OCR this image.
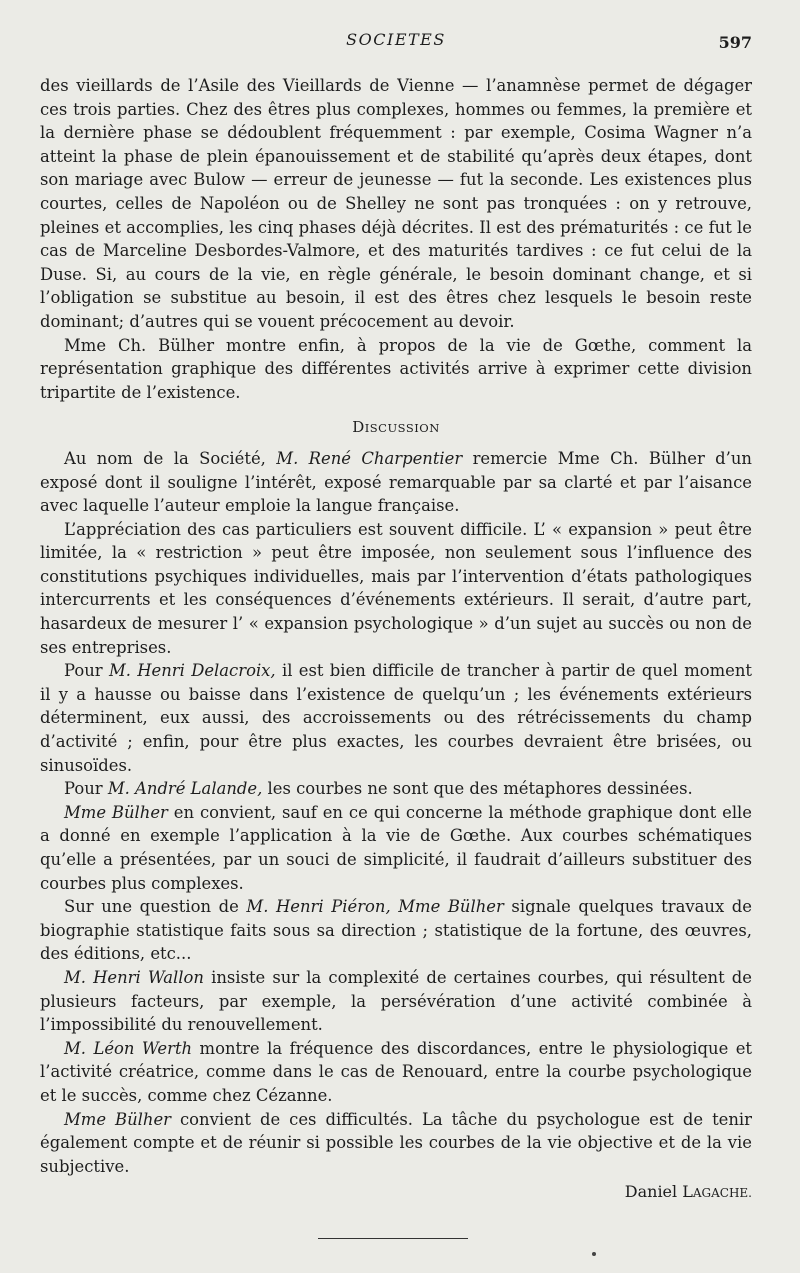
SOCIETES	597

des vieillards de l’Asile des Vieillards de Vienne — l’anamnèse permet de dégager ces trois parties. Chez des êtres plus complexes, hommes ou femmes, la première et la dernière phase se dédoublent fréquemment : par exemple, Cosima Wagner n’a atteint la phase de plein épanouissement et de stabilité qu’après deux étapes, dont son mariage avec Bulow — erreur de jeunesse — fut la seconde. Les existences plus courtes, celles de Napoléon ou de Shelley ne sont pas tronquées : on y retrouve, pleines et accomplies, les cinq phases déjà décrites. Il est des prématurités : ce fut le cas de Marceline Desbordes-Valmore, et des maturités tardives : ce fut celui de la Duse. Si, au cours de la vie, en règle générale, le besoin dominant change, et si l’obligation se substitue au besoin, il est des êtres chez lesquels le besoin reste dominant; d’autres qui se vouent précocement au devoir.

Mme Ch. Bülher montre enfin, à propos de la vie de Gœthe, comment la représentation graphique des différentes activités arrive à exprimer cette division tripartite de l’existence.

DISCUSSION

Au nom de la Société, M. René Charpentier remercie Mme Ch. Bülher d’un exposé dont il souligne l’intérêt, exposé remarquable par sa clarté et par l’aisance avec laquelle l’auteur emploie la langue française.

L’appréciation des cas particuliers est souvent difficile. L’ « expansion » peut être limitée, la « restriction » peut être imposée, non seulement sous l’influence des constitutions psychiques individuelles, mais par l’intervention d’états pathologiques intercurrents et les conséquences d’événements extérieurs. Il serait, d’autre part, hasardeux de mesurer l’ « expansion psychologique » d’un sujet au succès ou non de ses entreprises.

Pour M. Henri Delacroix, il est bien difficile de trancher à partir de quel moment il y a hausse ou baisse dans l’existence de quelqu’un ; les événements extérieurs déterminent, eux aussi, des accroissements ou des rétrécissements du champ d’activité ; enfin, pour être plus exactes, les courbes devraient être brisées, ou sinusoïdes.

Pour M. André Lalande, les courbes ne sont que des métaphores dessinées.

Mme Bülher en convient, sauf en ce qui concerne la méthode graphique dont elle a donné en exemple l’application à la vie de Gœthe. Aux courbes schématiques qu’elle a présentées, par un souci de simplicité, il faudrait d’ailleurs substituer des courbes plus complexes.

Sur une question de M. Henri Piéron, Mme Bülher signale quelques travaux de biographie statistique faits sous sa direction ; statistique de la fortune, des œuvres, des éditions, etc...

M. Henri Wallon insiste sur la complexité de certaines courbes, qui résultent de plusieurs facteurs, par exemple, la persévération d’une activité combinée à l’impossibilité du renouvellement.

M. Léon Werth montre la fréquence des discordances, entre le physiologique et l’activité créatrice, comme dans le cas de Renouard, entre la courbe psychologique et le succès, comme chez Cézanne.

Mme Bülher convient de ces difficultés. La tâche du psychologue est de tenir également compte et de réunir si possible les courbes de la vie objective et de la vie subjective.

Daniel LAGACHE.
